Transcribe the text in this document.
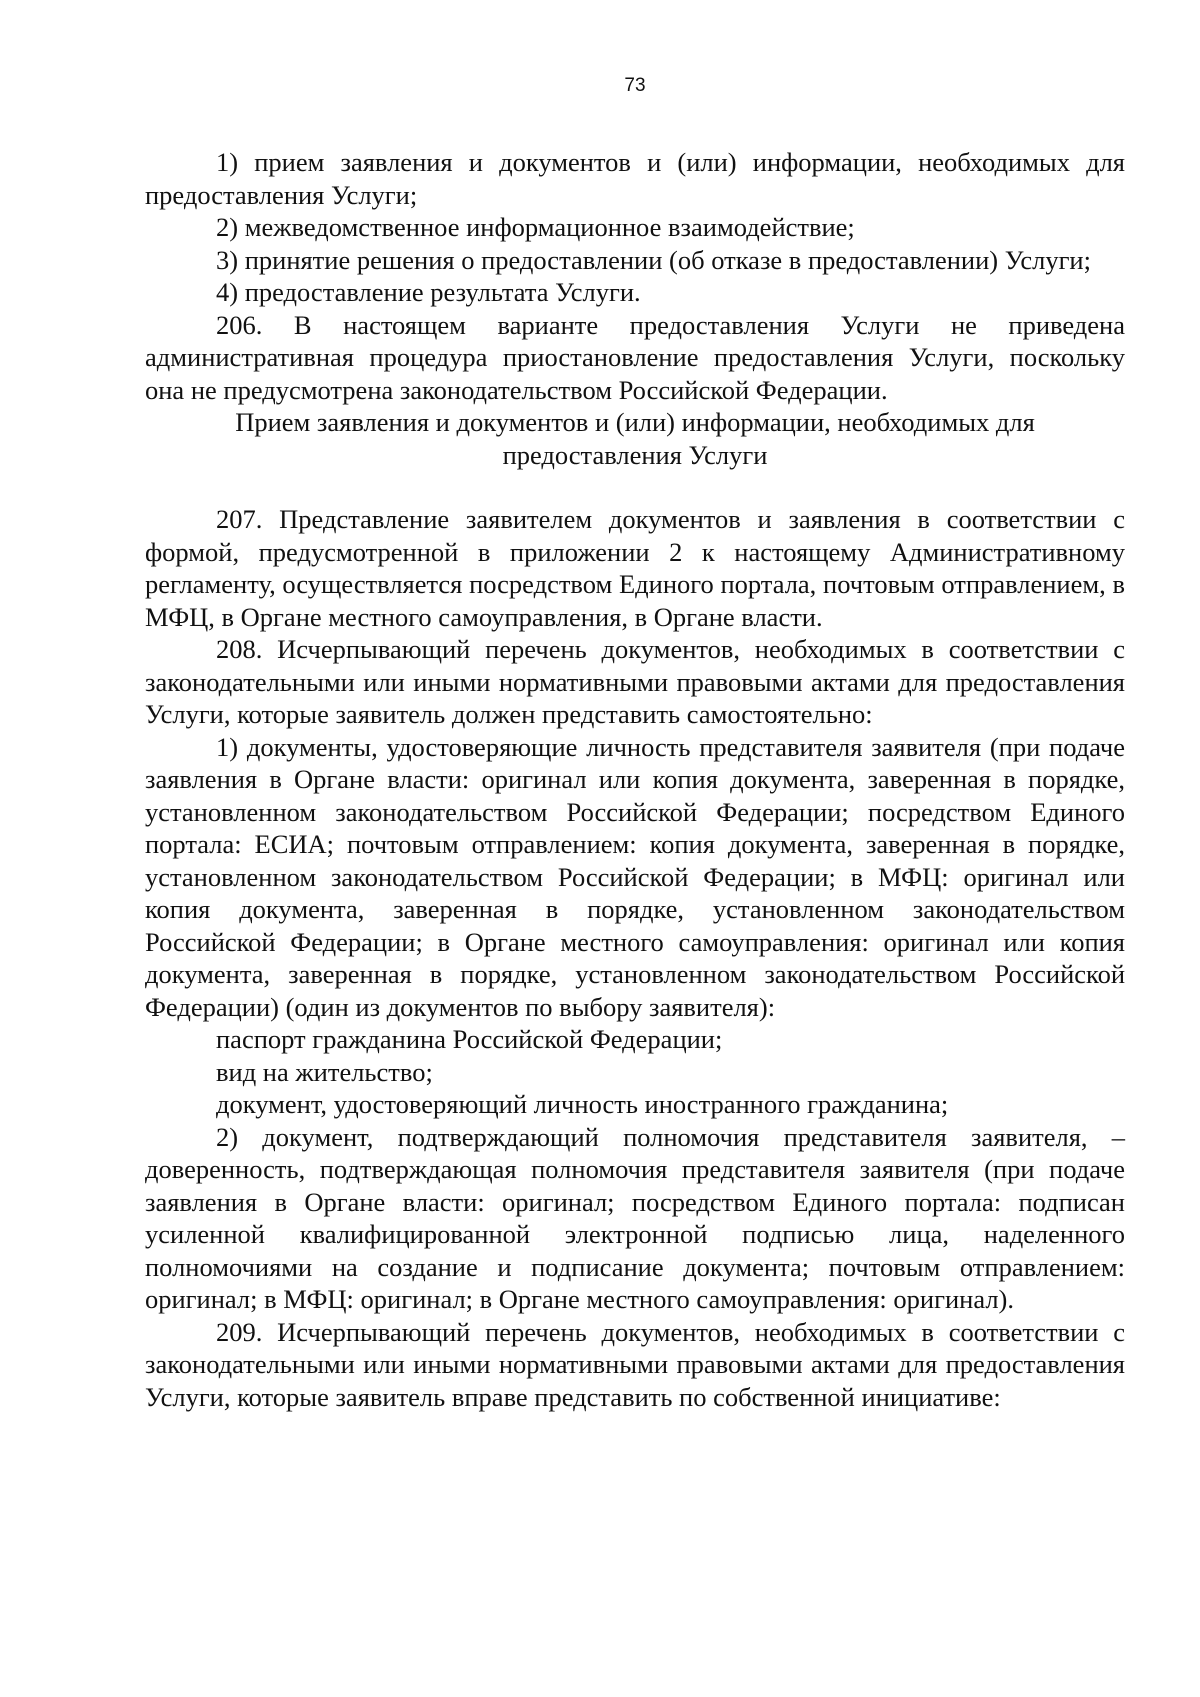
73

1) прием заявления и документов и (или) информации, необходимых для предоставления Услуги;

2) межведомственное информационное взаимодействие;

3) принятие решения о предоставлении (об отказе в предоставлении) Услуги;

4) предоставление результата Услуги.

206. В настоящем варианте предоставления Услуги не приведена административная процедура приостановление предоставления Услуги, поскольку она не предусмотрена законодательством Российской Федерации.

Прием заявления и документов и (или) информации, необходимых для предоставления Услуги

207. Представление заявителем документов и заявления в соответствии с формой, предусмотренной в приложении 2 к настоящему Административному регламенту, осуществляется посредством Единого портала, почтовым отправлением, в МФЦ, в Органе местного самоуправления, в Органе власти.

208. Исчерпывающий перечень документов, необходимых в соответствии с законодательными или иными нормативными правовыми актами для предоставления Услуги, которые заявитель должен представить самостоятельно:

1) документы, удостоверяющие личность представителя заявителя (при подаче заявления в Органе власти: оригинал или копия документа, заверенная в порядке, установленном законодательством Российской Федерации; посредством Единого портала: ЕСИА; почтовым отправлением: копия документа, заверенная в порядке, установленном законодательством Российской Федерации; в МФЦ: оригинал или копия документа, заверенная в порядке, установленном законодательством Российской Федерации; в Органе местного самоуправления: оригинал или копия документа, заверенная в порядке, установленном законодательством Российской Федерации) (один из документов по выбору заявителя):

паспорт гражданина Российской Федерации;

вид на жительство;

документ, удостоверяющий личность иностранного гражданина;

2) документ, подтверждающий полномочия представителя заявителя, – доверенность, подтверждающая полномочия представителя заявителя (при подаче заявления в Органе власти: оригинал; посредством Единого портала: подписан усиленной квалифицированной электронной подписью лица, наделенного полномочиями на создание и подписание документа; почтовым отправлением: оригинал; в МФЦ: оригинал; в Органе местного самоуправления: оригинал).

209. Исчерпывающий перечень документов, необходимых в соответствии с законодательными или иными нормативными правовыми актами для предоставления Услуги, которые заявитель вправе представить по собственной инициативе:
